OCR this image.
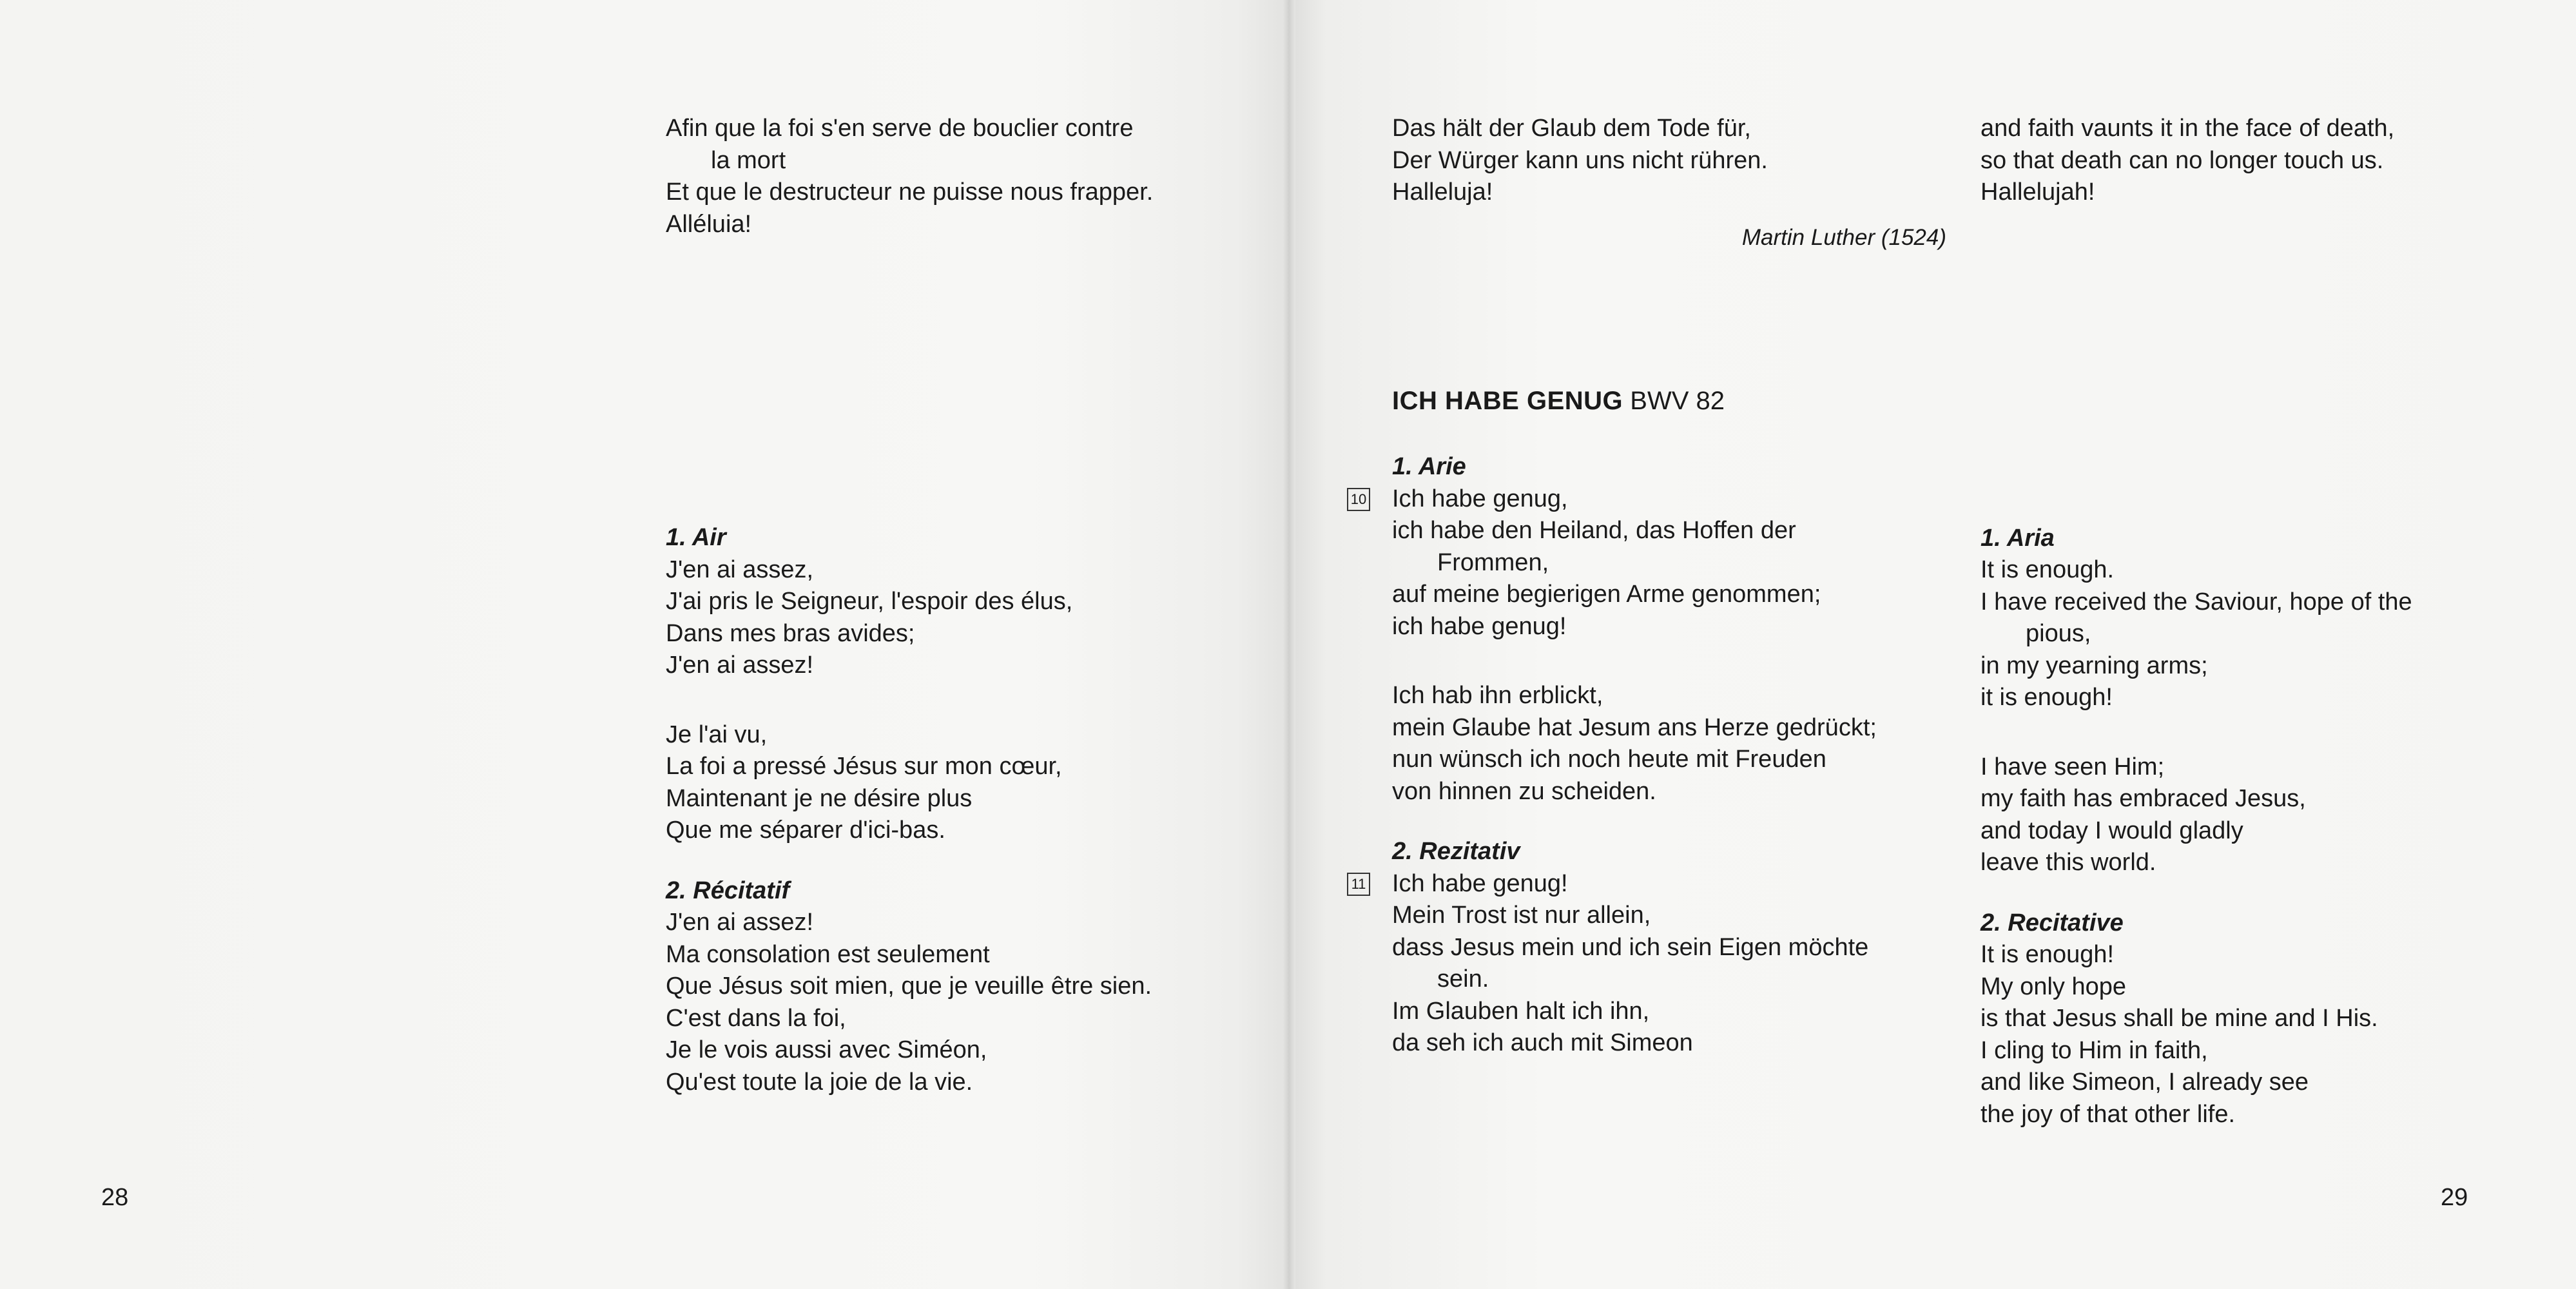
Afin que la foi s'en serve de bouclier contre
la mort
Et que le destructeur ne puisse nous frapper.
Alléluia!
1. Air
J'en ai assez,
J'ai pris le Seigneur, l'espoir des élus,
Dans mes bras avides;
J'en ai assez!
Je l'ai vu,
La foi a pressé Jésus sur mon cœur,
Maintenant je ne désire plus
Que me séparer d'ici-bas.
2. Récitatif
J'en ai assez!
Ma consolation est seulement
Que Jésus soit mien, que je veuille être sien.
C'est dans la foi,
Je le vois aussi avec Siméon,
Qu'est toute la joie de la vie.
28
Das hält der Glaub dem Tode für,
Der Würger kann uns nicht rühren.
Halleluja!
Martin Luther (1524)
ICH HABE GENUG BWV 82
1. Arie
10 Ich habe genug,
ich habe den Heiland, das Hoffen der
Frommen,
auf meine begierigen Arme genommen;
ich habe genug!
Ich hab ihn erblickt,
mein Glaube hat Jesum ans Herze gedrückt;
nun wünsch ich noch heute mit Freuden
von hinnen zu scheiden.
2. Rezitativ
11 Ich habe genug!
Mein Trost ist nur allein,
dass Jesus mein und ich sein Eigen möchte
sein.
Im Glauben halt ich ihn,
da seh ich auch mit Simeon
and faith vaunts it in the face of death,
so that death can no longer touch us.
Hallelujah!
1. Aria
It is enough.
I have received the Saviour, hope of the
pious,
in my yearning arms;
it is enough!
I have seen Him;
my faith has embraced Jesus,
and today I would gladly
leave this world.
2. Recitative
It is enough!
My only hope
is that Jesus shall be mine and I His.
I cling to Him in faith,
and like Simeon, I already see
the joy of that other life.
29
